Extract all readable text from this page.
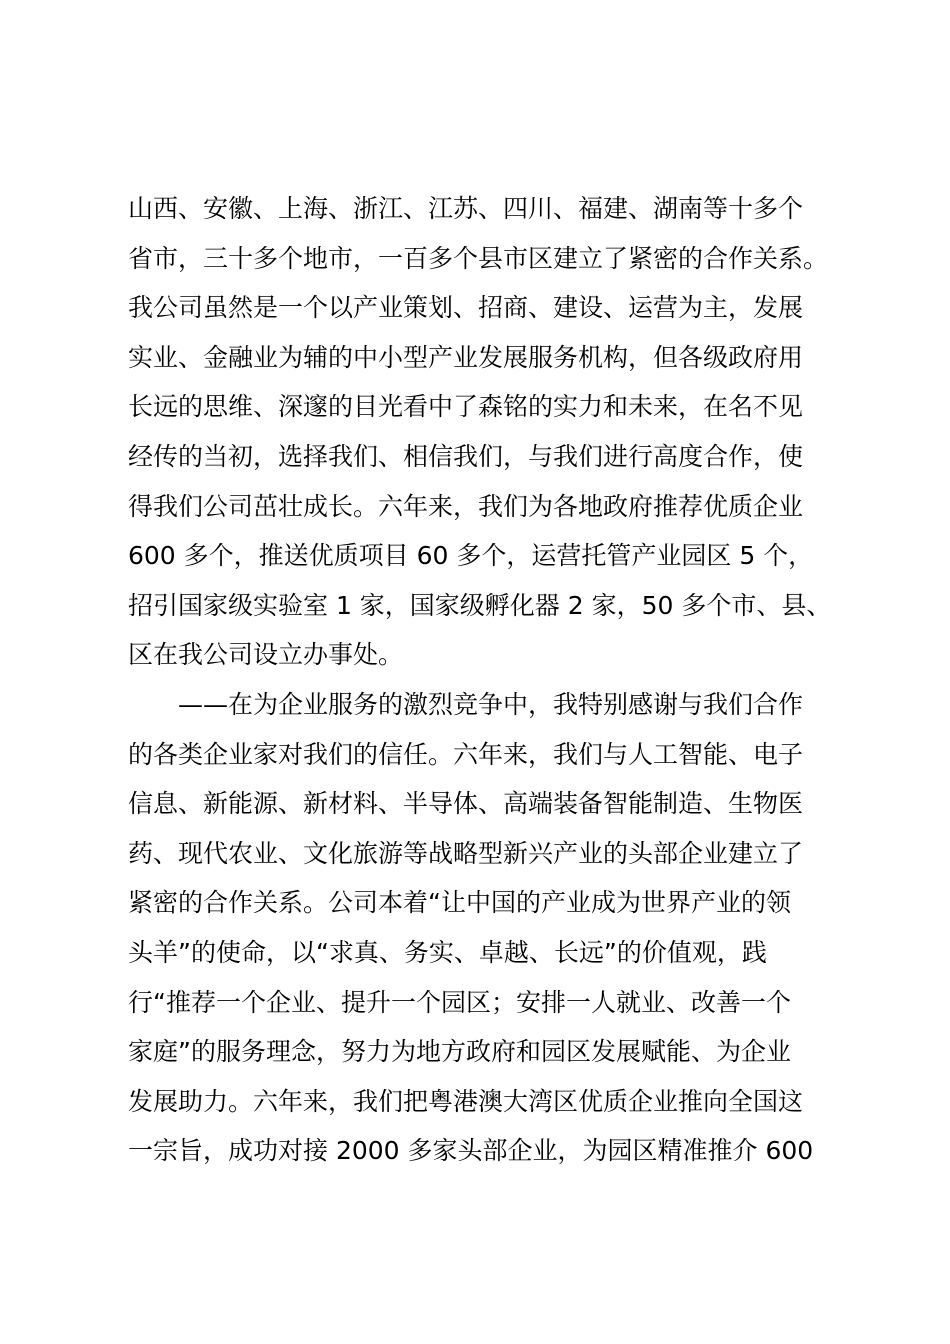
山西、安徽、上海、浙江、江苏、四川、福建、湖南等十多个
省市，三十多个地市，一百多个县市区建立了紧密的合作关系。
我公司虽然是一个以产业策划、招商、建设、运营为主，发展
实业、金融业为辅的中小型产业发展服务机构，但各级政府用
长远的思维、深邃的目光看中了森铭的实力和未来，在名不见
经传的当初，选择我们、相信我们，与我们进行高度合作，使
得我们公司茁壮成长。六年来，我们为各地政府推荐优质企业
600 多个，推送优质项目 60 多个，运营托管产业园区 5 个，
招引国家级实验室 1 家，国家级孵化器 2 家，50 多个市、县、
区在我公司设立办事处。
——在为企业服务的激烈竞争中，我特别感谢与我们合作
的各类企业家对我们的信任。六年来，我们与人工智能、电子
信息、新能源、新材料、半导体、高端装备智能制造、生物医
药、现代农业、文化旅游等战略型新兴产业的头部企业建立了
紧密的合作关系。公司本着“让中国的产业成为世界产业的领
头羊”的使命，以“求真、务实、卓越、长远”的价值观，践
行“推荐一个企业、提升一个园区；安排一人就业、改善一个
家庭”的服务理念，努力为地方政府和园区发展赋能、为企业
发展助力。六年来，我们把粤港澳大湾区优质企业推向全国这
一宗旨，成功对接 2000 多家头部企业，为园区精准推介 600
